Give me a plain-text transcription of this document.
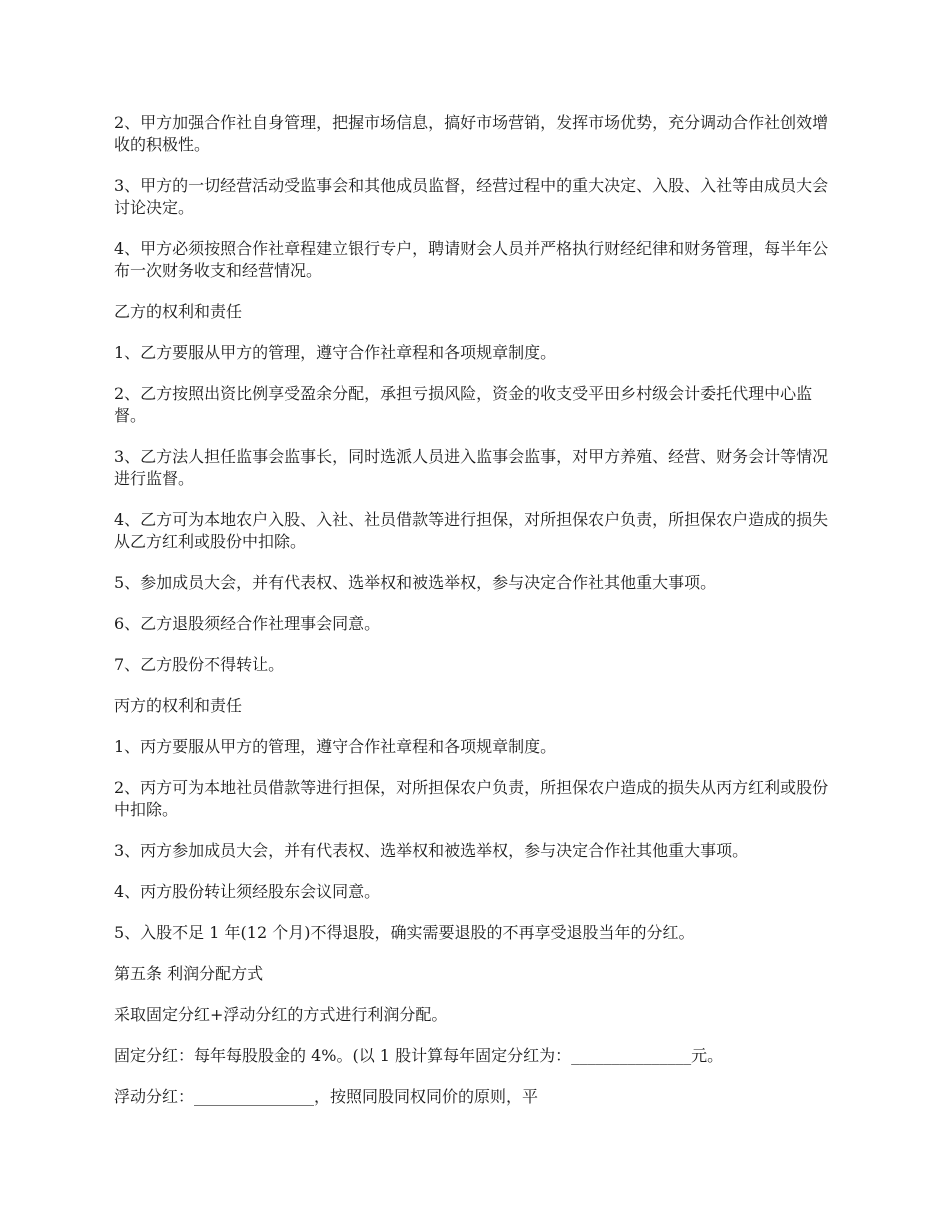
2、甲方加强合作社自身管理，把握市场信息，搞好市场营销，发挥市场优势，充分调动合作社创效增收的积极性。

3、甲方的一切经营活动受监事会和其他成员监督，经营过程中的重大决定、入股、入社等由成员大会讨论决定。

4、甲方必须按照合作社章程建立银行专户，聘请财会人员并严格执行财经纪律和财务管理，每半年公布一次财务收支和经营情况。

乙方的权利和责任

1、乙方要服从甲方的管理，遵守合作社章程和各项规章制度。

2、乙方按照出资比例享受盈余分配，承担亏损风险，资金的收支受平田乡村级会计委托代理中心监督。

3、乙方法人担任监事会监事长，同时选派人员进入监事会监事，对甲方养殖、经营、财务会计等情况进行监督。

4、乙方可为本地农户入股、入社、社员借款等进行担保，对所担保农户负责，所担保农户造成的损失从乙方红利或股份中扣除。

5、参加成员大会，并有代表权、选举权和被选举权，参与决定合作社其他重大事项。

6、乙方退股须经合作社理事会同意。

7、乙方股份不得转让。

丙方的权利和责任

1、丙方要服从甲方的管理，遵守合作社章程和各项规章制度。

2、丙方可为本地社员借款等进行担保，对所担保农户负责，所担保农户造成的损失从丙方红利或股份中扣除。

3、丙方参加成员大会，并有代表权、选举权和被选举权，参与决定合作社其他重大事项。

4、丙方股份转让须经股东会议同意。

5、入股不足 1 年(12 个月)不得退股，确实需要退股的不再享受退股当年的分红。

第五条 利润分配方式

采取固定分红+浮动分红的方式进行利润分配。

固定分红：每年每股股金的 4%。(以 1 股计算每年固定分红为：_______________元。

浮动分红：_______________，按照同股同权同价的原则，平
